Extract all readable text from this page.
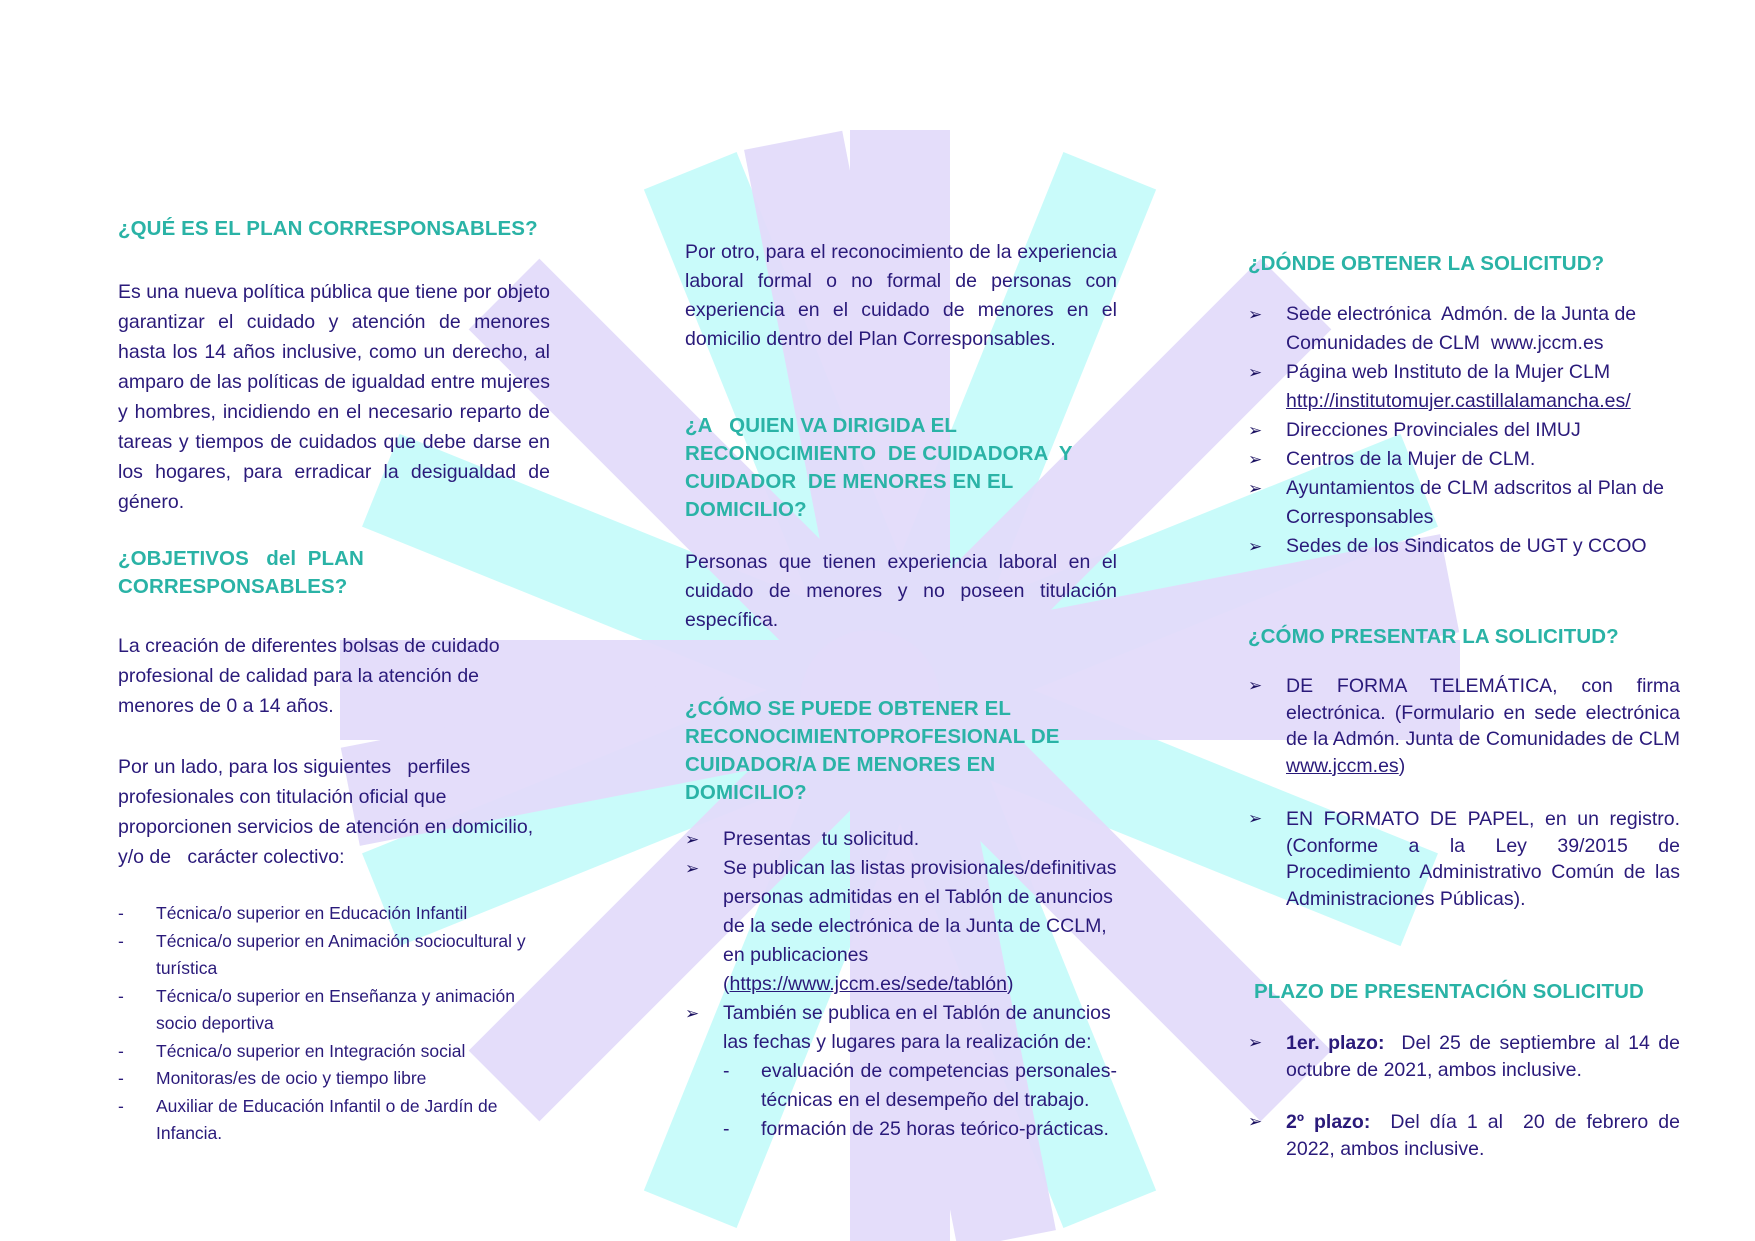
¿QUÉ ES EL PLAN CORRESPONSABLES?

Es una nueva política pública que tiene por objeto garantizar el cuidado y atención de menores hasta los 14 años inclusive, como un derecho, al amparo de las políticas de igualdad entre mujeres y hombres, incidiendo en el necesario reparto de tareas y tiempos de cuidados que debe darse en los hogares, para erradicar la desigualdad de género.

¿OBJETIVOS   del  PLAN

CORRESPONSABLES?

La creación de diferentes bolsas de cuidado profesional de calidad para la atención de menores de 0 a 14 años.

Por un lado, para los siguientes   perfiles profesionales con titulación oficial que proporcionen servicios de atención en domicilio, y/o de   carácter colectivo:

- Técnica/o superior en Educación Infantil
- Técnica/o superior en Animación sociocultural y turística
- Técnica/o superior en Enseñanza y animación socio deportiva
- Técnica/o superior en Integración social
- Monitoras/es de ocio y tiempo libre
- Auxiliar de Educación Infantil o de Jardín de Infancia.

Por otro, para el reconocimiento de la experiencia laboral formal o no formal de personas con experiencia en el cuidado de menores en el domicilio dentro del Plan Corresponsables.

¿A   QUIEN VA DIRIGIDA EL

RECONOCIMIENTO  DE CUIDADORA  Y

CUIDADOR  DE MENORES EN EL

DOMICILIO?

Personas que tienen experiencia laboral en el cuidado de menores y no poseen titulación específica.

¿CÓMO SE PUEDE OBTENER EL

RECONOCIMIENTOPROFESIONAL DE

CUIDADOR/A DE MENORES EN DOMICILIO?

➢ Presentas  tu solicitud.
➢ Se publican las listas provisionales/definitivas personas admitidas en el Tablón de anuncios de la sede electrónica de la Junta de CCLM, en publicaciones
(https://www.jccm.es/sede/tablón)
➢ También se publica en el Tablón de anuncios las fechas y lugares para la realización de:
- evaluación de competencias personales-técnicas en el desempeño del trabajo.
- formación de 25 horas teórico-prácticas.

¿DÓNDE OBTENER LA SOLICITUD?

➢ Sede electrónica  Admón. de la Junta de Comunidades de CLM  www.jccm.es
➢ Página web Instituto de la Mujer CLM http://institutomujer.castillalamancha.es/
➢ Direcciones Provinciales del IMUJ
➢ Centros de la Mujer de CLM.
➢ Ayuntamientos de CLM adscritos al Plan de Corresponsables
➢ Sedes de los Sindicatos de UGT y CCOO

¿CÓMO PRESENTAR LA SOLICITUD?

➢ DE FORMA TELEMÁTICA, con firma electrónica. (Formulario en sede electrónica de la Admón. Junta de Comunidades de CLM www.jccm.es)
➢ EN FORMATO DE PAPEL, en un registro. (Conforme a la Ley 39/2015 de Procedimiento Administrativo Común de las Administraciones Públicas).

PLAZO DE PRESENTACIÓN SOLICITUD

➢ 1er. plazo:  Del 25 de septiembre al 14 de octubre de 2021, ambos inclusive.
➢ 2º plazo:  Del día 1 al  20 de febrero de 2022, ambos inclusive.
